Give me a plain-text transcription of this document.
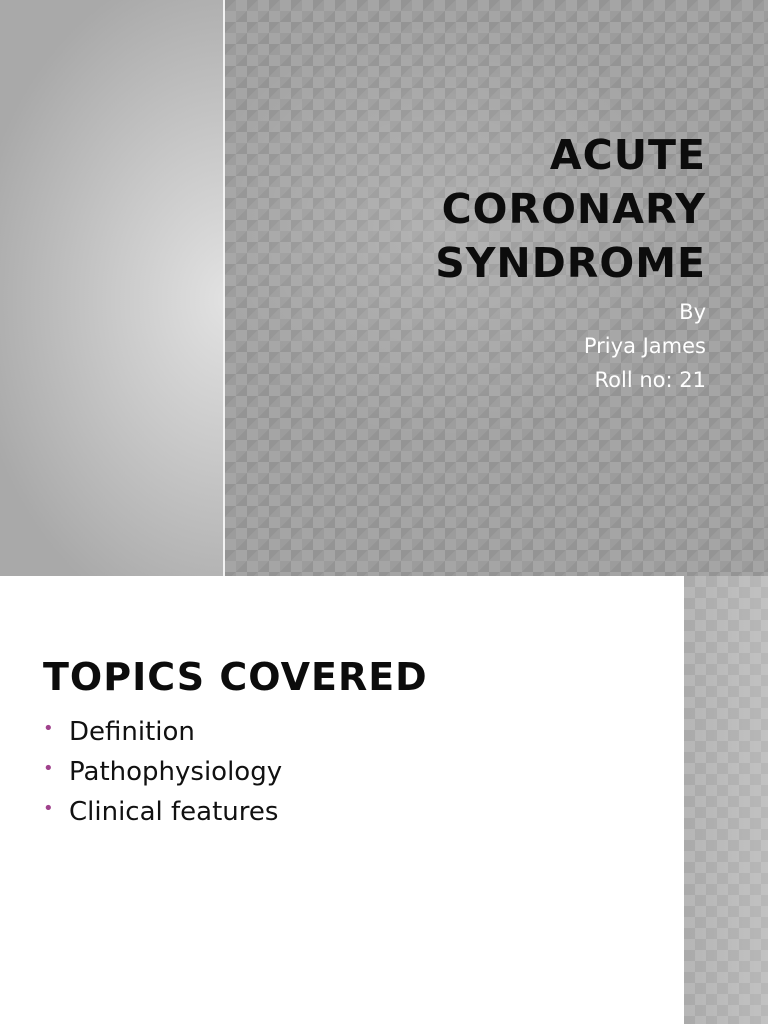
ACUTE
CORONARY
SYNDROME
By
Priya James
Roll no: 21
TOPICS COVERED
• Definition
• Pathophysiology
• Clinical features
